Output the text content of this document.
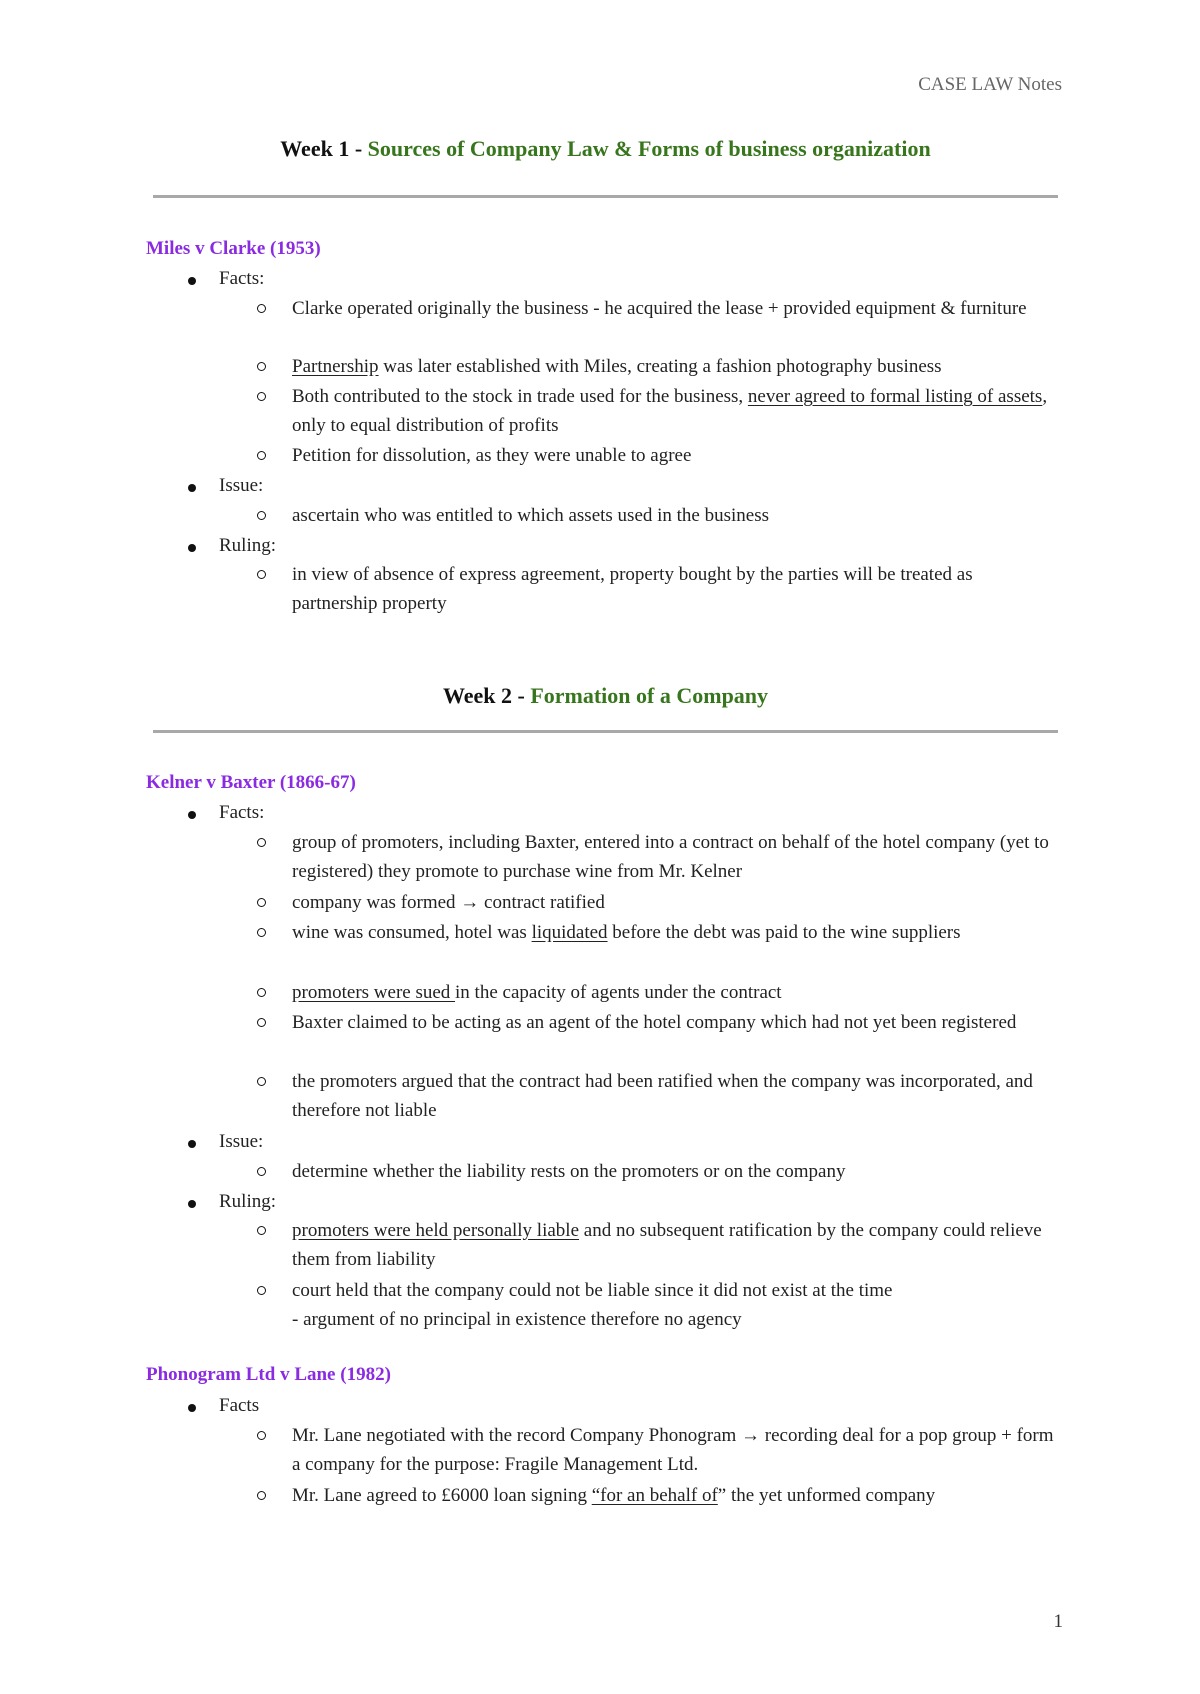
CASE LAW Notes
Week 1 - Sources of Company Law & Forms of business organization
Miles v Clarke (1953)
Facts:
Clarke operated originally the business - he acquired the lease + provided equipment & furniture
Partnership was later established with Miles, creating a fashion photography business
Both contributed to the stock in trade used for the business, never agreed to formal listing of assets, only to equal distribution of profits
Petition for dissolution, as they were unable to agree
Issue:
ascertain who was entitled to which assets used in the business
Ruling:
in view of absence of express agreement, property bought by the parties will be treated as partnership property
Week 2 - Formation of a Company
Kelner v Baxter (1866-67)
Facts:
group of promoters, including Baxter, entered into a contract on behalf of the hotel company (yet to registered) they promote to purchase wine from Mr. Kelner
company was formed → contract ratified
wine was consumed, hotel was liquidated before the debt was paid to the wine suppliers
promoters were sued in the capacity of agents under the contract
Baxter claimed to be acting as an agent of the hotel company which had not yet been registered
the promoters argued that the contract had been ratified when the company was incorporated, and therefore not liable
Issue:
determine whether the liability rests on the promoters or on the company
Ruling:
promoters were held personally liable and no subsequent ratification by the company could relieve them from liability
court held that the company could not be liable since it did not exist at the time
- argument of no principal in existence therefore no agency
Phonogram Ltd v Lane (1982)
Facts
Mr. Lane negotiated with the record Company Phonogram → recording deal for a pop group + form a company for the purpose: Fragile Management Ltd.
Mr. Lane agreed to £6000 loan signing “for an behalf of” the yet unformed company
1
